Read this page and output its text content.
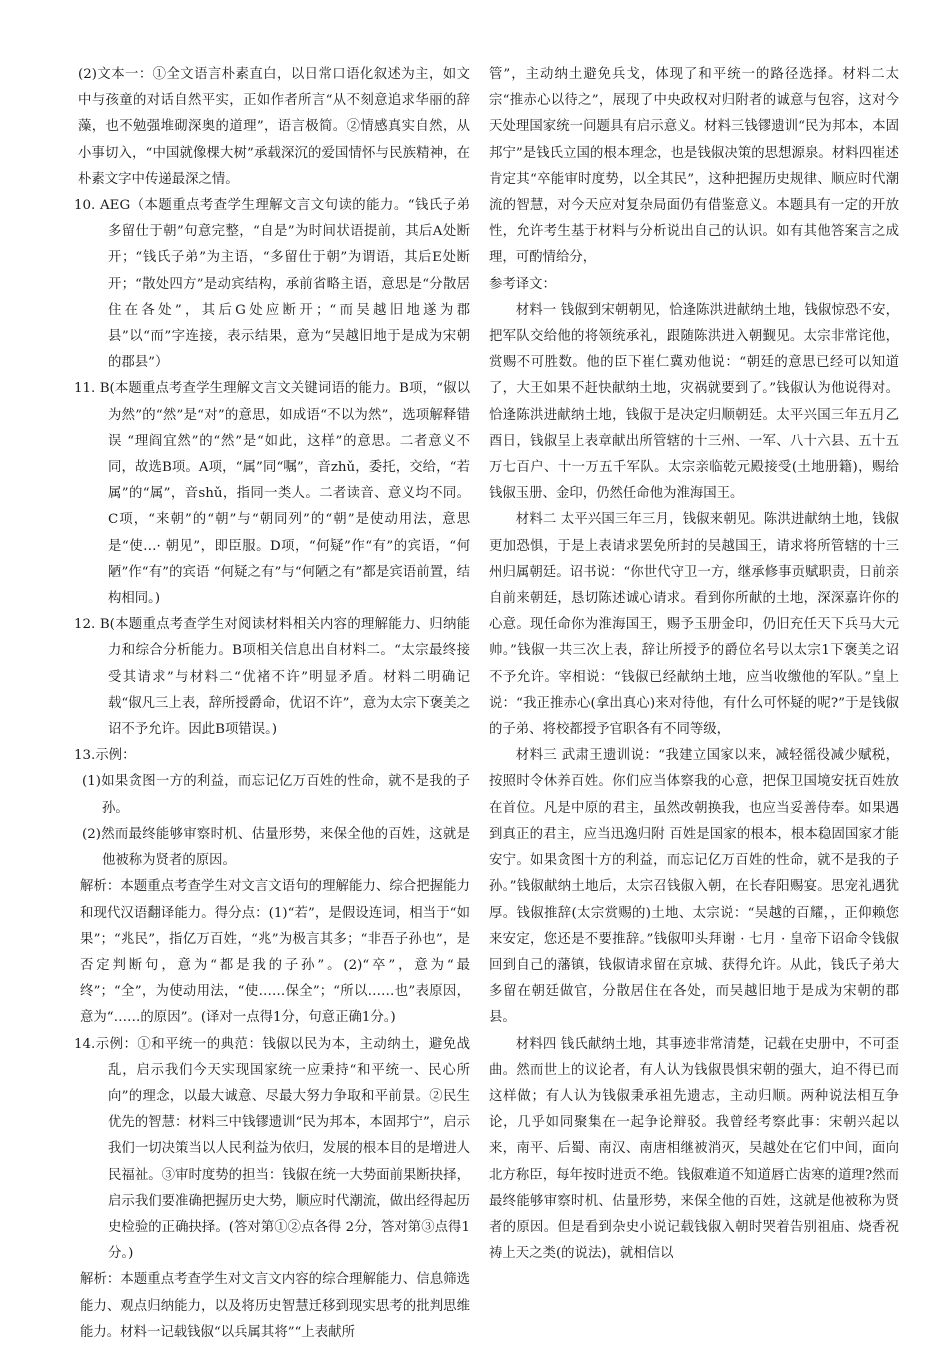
(2)文本一：①全文语言朴素直白，以日常口语化叙述为主，如文中与孩童的对话自然平实，正如作者所言“从不刻意追求华丽的辞藻，也不勉强堆砌深奥的道理”，语言极简。②情感真实自然，从小事切入，“中国就像棵大树”承载深沉的爱国情怀与民族精神，在朴素文字中传递最深之情。

10. AEG（本题重点考查学生理解文言文句读的能力。“钱氏子弟多留仕于朝”句意完整，“自是”为时间状语提前，其后A处断开；“钱氏子弟”为主语，“多留仕于朝”为谓语，其后E处断开；“散处四方”是动宾结构，承前省略主语，意思是“分散居住在各处”，其后G处应断开；“而吴越旧地遂为郡县”以“而”字连接，表示结果，意为“吴越旧地于是成为宋朝的郡县”）

11. B(本题重点考查学生理解文言文关键词语的能力。B项，“俶以为然”的“然”是“对”的意思，如成语“不以为然”，选项解释错误 “理阎宜然”的“然”是“如此，这样”的意思。二者意义不同，故选B项。A项，“属”同“嘱”，音zhǔ，委托，交给，“若属”的“属”，音shǔ，指同一类人。二者读音、意义均不同。C项，“来朝”的“朝”与“朝同列”的“朝”是使动用法，意思是“使…· 朝见”，即臣服。D项，“何疑”作“有”的宾语，“何陋”作“有”的宾语 “何疑之有”与“何陋之有”都是宾语前置，结构相同。)

12. B(本题重点考查学生对阅读材料相关内容的理解能力、归纳能力和综合分析能力。B项相关信息出自材料二。“太宗最终接受其请求”与材料二“优褚不许”明显矛盾。材料二明确记载“俶凡三上表，辞所授爵命，优诏不许”，意为太宗下褒美之诏不予允许。因此B项错误。)

13.示例：

(1)如果贪图一方的利益，而忘记亿万百姓的性命，就不是我的子孙。

(2)然而最终能够审察时机、估量形势，来保全他的百姓，这就是他被称为贤者的原因。

解析：本题重点考查学生对文言文语句的理解能力、综合把握能力和现代汉语翻译能力。得分点：(1)“若”，是假设连词，相当于“如果”；“兆民”，指亿万百姓，“兆”为极言其多；“非吾子孙也”，是否定判断句，意为“都是我的子孙”。(2)“卒”，意为“最终”；“全”，为使动用法，“使……保全”；“所以……也”表原因，意为“……的原因”。(译对一点得1分，句意正确1分。)

14.示例：①和平统一的典范：钱俶以民为本，主动纳土，避免战乱，启示我们今天实现国家统一应秉持“和平统一、民心所向”的理念，以最大诚意、尽最大努力争取和平前景。②民生优先的智慧：材料三中钱镠遗训“民为邦本，本固邦宁”，启示我们一切决策当以人民利益为依归，发展的根本目的是增进人民福祉。③审时度势的担当：钱俶在统一大势面前果断抉择，启示我们要准确把握历史大势，顺应时代潮流，做出经得起历史检验的正确抉择。(答对第①②点各得 2分，答对第③点得1分。)

解析：本题重点考查学生对文言文内容的综合理解能力、信息筛选能力、观点归纳能力，以及将历史智慧迁移到现实思考的批判思维能力。材料一记载钱俶“以兵属其将”“上表献所

管”，主动纳土避免兵戈，体现了和平统一的路径选择。材料二太宗“推赤心以待之”，展现了中央政权对归附者的诚意与包容，这对今天处理国家统一问题具有启示意义。材料三钱镠遗训“民为邦本，本固邦宁”是钱氏立国的根本理念，也是钱俶决策的思想源泉。材料四崔述肯定其“卒能审时度势，以全其民”，这种把握历史规律、顺应时代潮流的智慧，对今天应对复杂局面仍有借鉴意义。本题具有一定的开放性，允许考生基于材料与分析说出自己的认识。如有其他答案言之成理，可酌情给分，

参考译文：

材料一 钱俶到宋朝朝见，恰逢陈洪进献纳土地，钱俶惊恐不安，把军队交给他的将领统承礼，跟随陈洪进入朝觐见。太宗非常诧他，赏赐不可胜数。他的臣下崔仁冀劝他说：“朝廷的意思已经可以知道了，大王如果不赶快献纳土地，灾祸就要到了。”钱俶认为他说得对。恰逢陈洪进献纳土地，钱俶于是决定归顺朝廷。太平兴国三年五月乙酉日，钱俶呈上表章献出所管辖的十三州、一军、八十六县、五十五万七百户、十一万五千军队。太宗亲临乾元殿接受(土地册籍)，赐给钱俶玉册、金印，仍然任命他为淮海国王。

材料二 太平兴国三年三月，钱俶来朝见。陈洪进献纳土地，钱俶更加恐惧，于是上表请求罢免所封的吴越国王，请求将所管辖的十三州归属朝廷。诏书说：“你世代守卫一方，继承修事贡赋职责，日前亲自前来朝廷，恳切陈述诚心请求。看到你所献的土地，深深嘉许你的心意。现任命你为淮海国王，赐予玉册金印，仍旧充任天下兵马大元帅。”钱俶一共三次上表，辞让所授予的爵位名号以太宗1下褒美之诏不予允许。宰相说：“钱俶已经献纳土地，应当收缴他的军队。”皇上说：“我正推赤心(拿出真心)来对待他，有什么可怀疑的呢?”于是钱俶的子弟、将校都授予官职各有不同等级，

材料三 武肃王遗训说：“我建立国家以来，减轻徭役减少赋税，按照时令休养百姓。你们应当体察我的心意，把保卫国境安抚百姓放在首位。凡是中原的君主，虽然改朝换我，也应当妥善侍奉。如果遇到真正的君主，应当迅逸归附 百姓是国家的根本，根本稳固国家才能安宁。如果贪图十方的利益，而忘记亿万百姓的性命，就不是我的子孙。”钱俶献纳土地后，太宗召钱俶入朝，在长春阳赐宴。思宠礼遇犹厚。钱俶推辞(太宗赏赐的)土地、太宗说：“吴越的百耀，，正仰赖您来安定，您还是不要推辞。”钱俶叩头拜谢 · 七月 · 皇帝下诏命令钱俶回到自己的藩镇，钱俶请求留在京城、获得允许。从此，钱氏子弟大多留在朝廷做官，分散居住在各处，而吴越旧地于是成为宋朝的郡县。

材料四 钱氏献纳土地，其事迹非常清楚，记载在史册中，不可歪曲。然而世上的议论者，有人认为钱俶畏惧宋朝的强大，迫不得已而这样做；有人认为钱俶秉承祖先遗志，主动归顺。两种说法相互争论，几乎如同聚集在一起争论辩驳。我曾经考察此事：宋朝兴起以来，南平、后蜀、南汉、南唐相继被消灭，吴越处在它们中间，面向北方称臣，每年按时进贡不绝。钱俶难道不知道唇亡齿寒的道理?然而最终能够审察时机、估量形势，来保全他的百姓，这就是他被称为贤者的原因。但是看到杂史小说记载钱俶入朝时哭着告别祖庙、烧香祝祷上天之类(的说法)，就相信以
